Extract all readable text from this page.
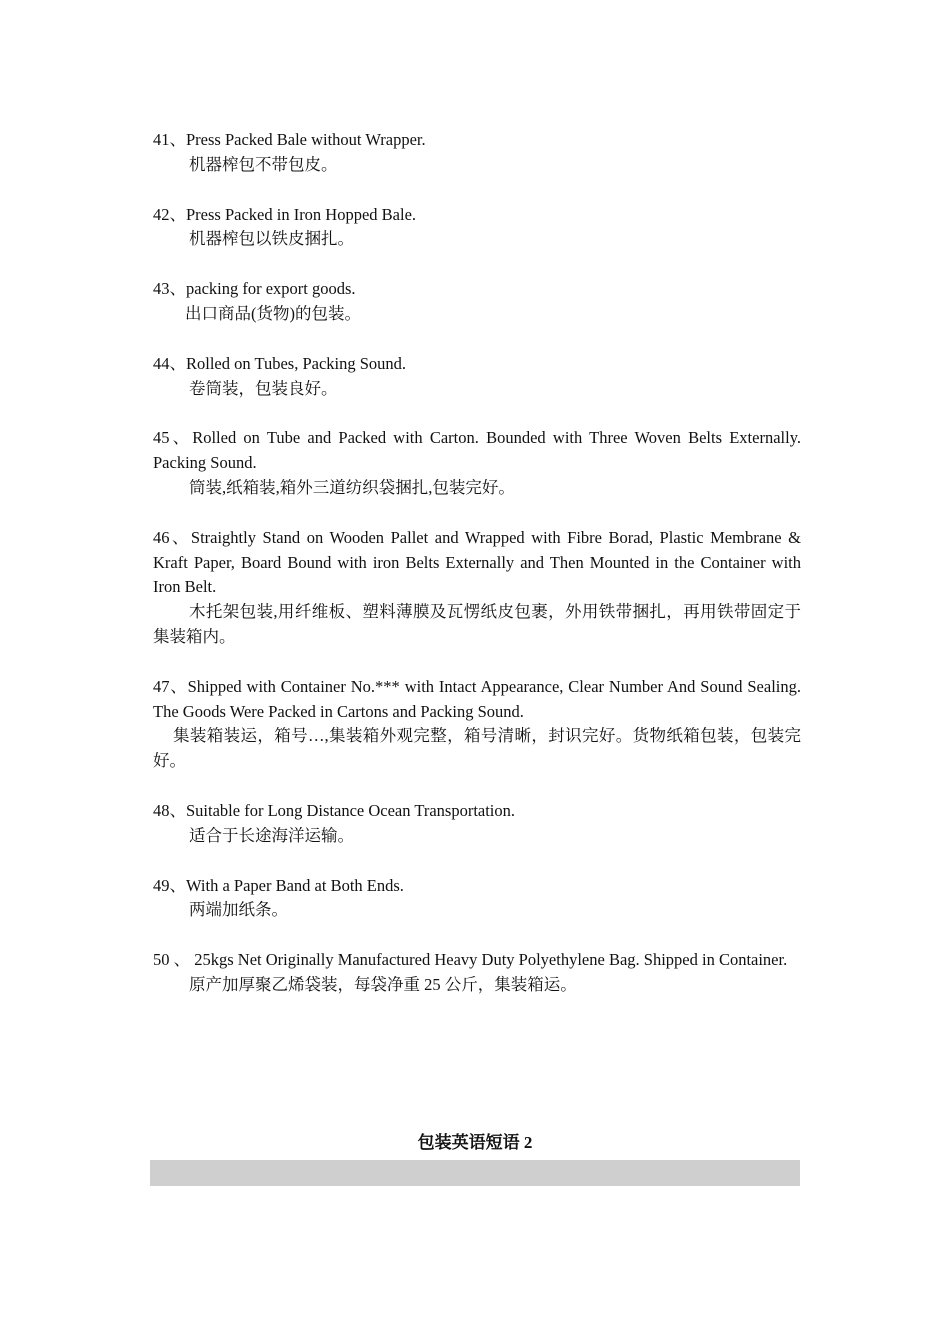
41、Press Packed Bale without Wrapper.
机器榨包不带包皮。
42、Press Packed in Iron Hopped Bale.
机器榨包以铁皮捆扎。
43、packing for export goods.
出口商品(货物)的包装。
44、Rolled on Tubes, Packing Sound.
卷筒装，包装良好。
45、Rolled on Tube and Packed with Carton. Bounded with Three Woven Belts Externally. Packing Sound.
筒装,纸箱装,箱外三道纺织袋捆扎,包装完好。
46、Straightly Stand on Wooden Pallet and Wrapped with Fibre Borad, Plastic Membrane & Kraft Paper, Board Bound with iron Belts Externally and Then Mounted in the Container with Iron Belt.
木托架包装,用纤维板、塑料薄膜及瓦愣纸皮包裹，外用铁带捆扎，再用铁带固定于集装箱内。
47、Shipped with Container No.*** with Intact Appearance, Clear Number And Sound Sealing. The Goods Were Packed in Cartons and Packing Sound.
集装箱装运，箱号…,集装箱外观完整，箱号清晰，封识完好。货物纸箱包装，包装完好。
48、Suitable for Long Distance Ocean Transportation.
适合于长途海洋运输。
49、With a Paper Band at Both Ends.
两端加纸条。
50 、 25kgs Net Originally Manufactured Heavy Duty Polyethylene Bag. Shipped in Container.
原产加厚聚乙烯袋装，每袋净重 25 公斤，集装箱运。
包装英语短语 2
